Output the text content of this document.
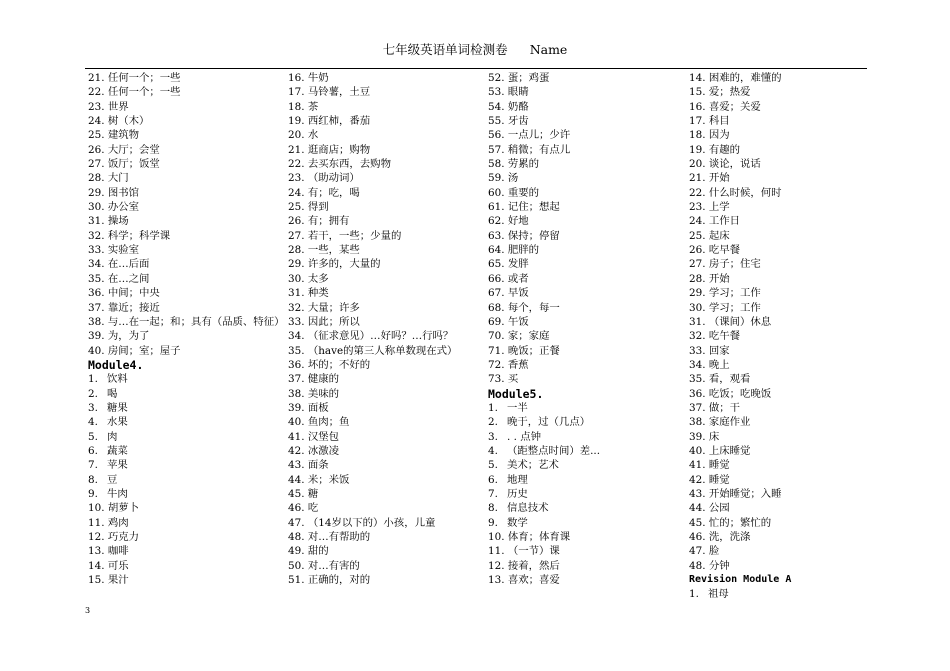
七年级英语单词检测卷 Name
21. 任何一个；一些
22. 任何一个；一些
23. 世界
24. 树（木）
25. 建筑物
26. 大厅；会堂
27. 饭厅；饭堂
28. 大门
29. 图书馆
30. 办公室
31. 操场
32. 科学；科学课
33. 实验室
34. 在…后面
35. 在…之间
36. 中间；中央
37. 靠近；接近
38. 与…在一起；和；具有（品质、特征）
39. 为，为了
40. 房间；室；屋子
Module4.
1. 饮料
2. 喝
3. 糖果
4. 水果
5. 肉
6. 蔬菜
7. 苹果
8. 豆
9. 牛肉
10. 胡萝卜
11. 鸡肉
12. 巧克力
13. 咖啡
14. 可乐
15. 果汁
16. 牛奶
17. 马铃薯，土豆
18. 茶
19. 西红柿，番茄
20. 水
21. 逛商店；购物
22. 去买东西，去购物
23. （助动词）
24. 有；吃，喝
25. 得到
26. 有；拥有
27. 若干，一些；少量的
28. 一些，某些
29. 许多的，大量的
30. 太多
31. 种类
32. 大量；许多
33. 因此；所以
34. （征求意见）…好吗？…行吗？
35. （have的第三人称单数现在式）
36. 坏的；不好的
37. 健康的
38. 美味的
39. 面板
40. 鱼肉；鱼
41. 汉堡包
42. 冰激凌
43. 面条
44. 米；米饭
45. 糖
46. 吃
47. （14岁以下的）小孩，儿童
48. 对…有帮助的
49. 甜的
50. 对…有害的
51. 正确的，对的
52. 蛋；鸡蛋
53. 眼睛
54. 奶酪
55. 牙齿
56. 一点儿；少许
57. 稍微；有点儿
58. 劳累的
59. 汤
60. 重要的
61. 记住；想起
62. 好地
63. 保持；停留
64. 肥胖的
65. 发胖
66. 或者
67. 早饭
68. 每个，每一
69. 午饭
70. 家；家庭
71. 晚饭；正餐
72. 香蕉
73. 买
Module5.
1. 一半
2. 晚于，过（几点）
3. . . 点钟
4. （距整点时间）差...
5. 美术；艺术
6. 地理
7. 历史
8. 信息技术
9. 数学
10. 体育；体育课
11. （一节）课
12. 接着，然后
13. 喜欢；喜爱
14. 困难的，难懂的
15. 爱；热爱
16. 喜爱；关爱
17. 科目
18. 因为
19. 有趣的
20. 谈论，说话
21. 开始
22. 什么时候，何时
23. 上学
24. 工作日
25. 起床
26. 吃早餐
27. 房子；住宅
28. 开始
29. 学习；工作
30. 学习；工作
31. （课间）休息
32. 吃午餐
33. 回家
34. 晚上
35. 看，观看
36. 吃饭；吃晚饭
37. 做；干
38. 家庭作业
39. 床
40. 上床睡觉
41. 睡觉
42. 睡觉
43. 开始睡觉；入睡
44. 公园
45. 忙的；繁忙的
46. 洗，洗涤
47. 脸
48. 分钟
Revision Module A
1. 祖母
3
